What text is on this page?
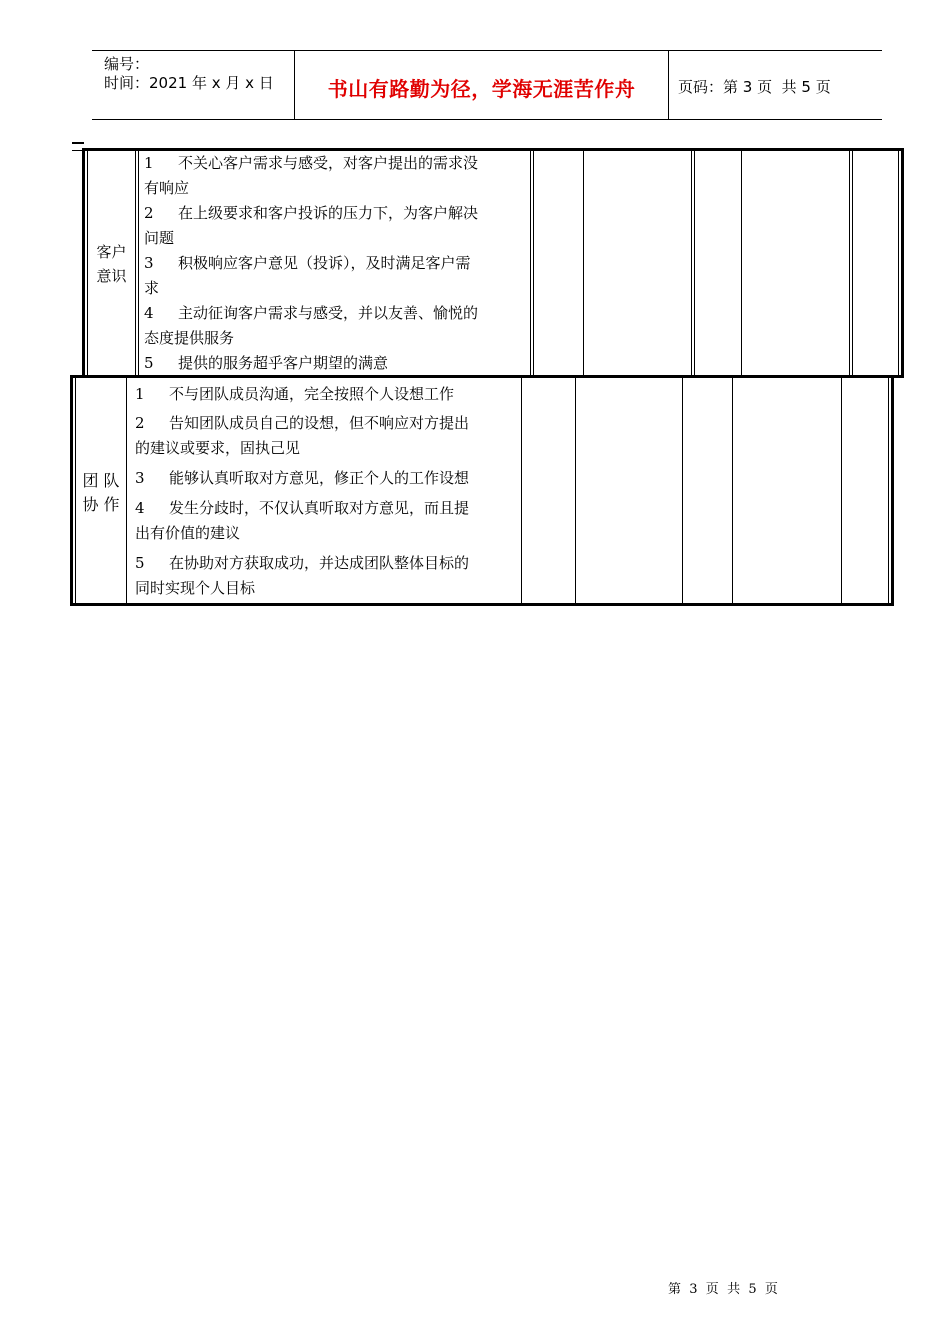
编号：
时间：2021 年 x 月 x 日	书山有路勤为径，学海无涯苦作舟	页码：第 3 页  共 5 页
客户
意识
1 不关心客户需求与感受，对客户提出的需求没
有响应
2 在上级要求和客户投诉的压力下，为客户解决
问题
3 积极响应客户意见（投诉），及时满足客户需
求
4 主动征询客户需求与感受，并以友善、愉悦的
态度提供服务
5 提供的服务超乎客户期望的满意
团 队
协 作
1 不与团队成员沟通，完全按照个人设想工作
2 告知团队成员自己的设想，但不响应对方提出
的建议或要求，固执己见
3 能够认真听取对方意见，修正个人的工作设想
4 发生分歧时，不仅认真听取对方意见，而且提
出有价值的建议
5 在协助对方获取成功，并达成团队整体目标的
同时实现个人目标
第  3  页  共  5  页
